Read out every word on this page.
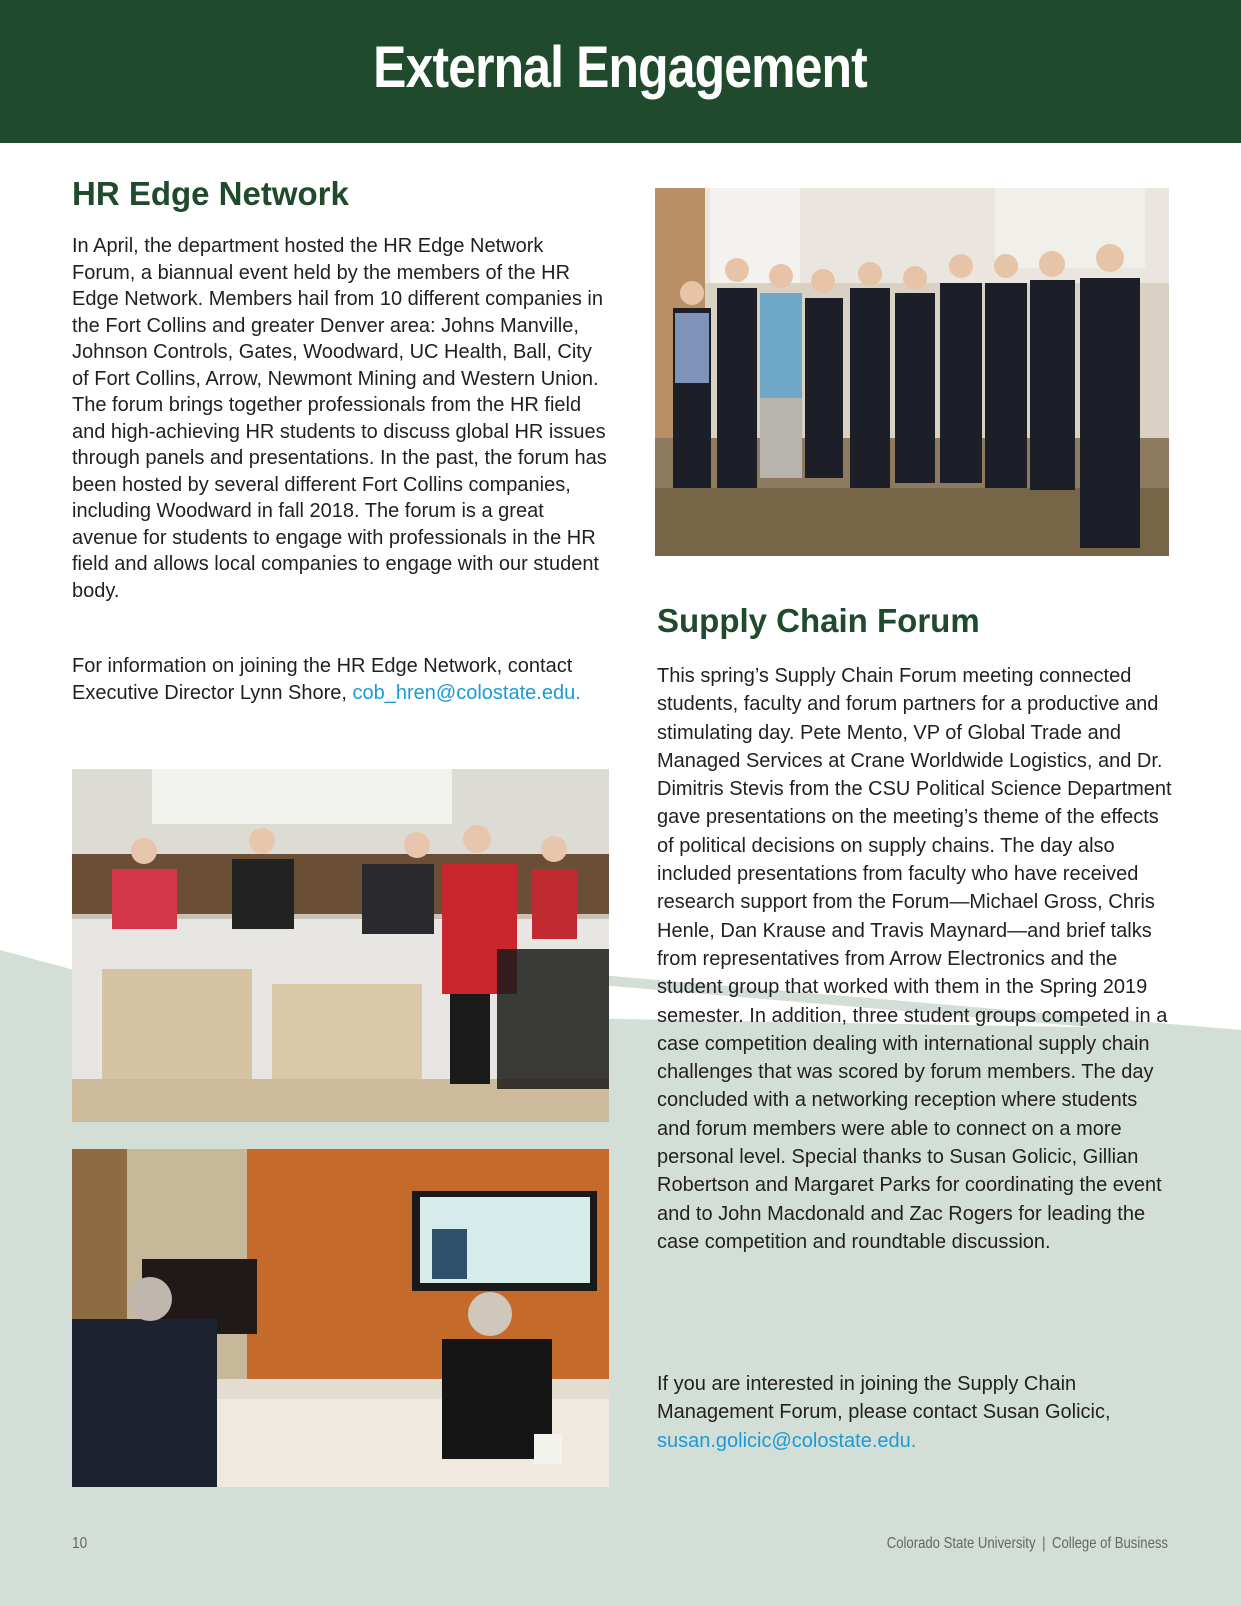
External Engagement
HR Edge Network

In April, the department hosted the HR Edge Network Forum, a biannual event held by the members of the HR Edge Network. Members hail from 10 different companies in the Fort Collins and greater Denver area: Johns Manville, Johnson Controls, Gates, Woodward, UC Health, Ball, City of Fort Collins, Arrow, Newmont Mining and Western Union. The forum brings together professionals from the HR field and high-achieving HR students to discuss global HR issues through panels and presentations. In the past, the forum has been hosted by several different Fort Collins companies, including Woodward in fall 2018. The forum is a great avenue for students to engage with professionals in the HR field and allows local companies to engage with our student body.

For information on joining the HR Edge Network, contact Executive Director Lynn Shore, cob_hren@colostate.edu.

Supply Chain Forum

This spring’s Supply Chain Forum meeting connected students, faculty and forum partners for a productive and stimulating day. Pete Mento, VP of Global Trade and Managed Services at Crane Worldwide Logistics, and Dr. Dimitris Stevis from the CSU Political Science Department gave presentations on the meeting’s theme of the effects of political decisions on supply chains. The day also included presentations from faculty who have received research support from the Forum—Michael Gross, Chris Henle, Dan Krause and Travis Maynard—and brief talks from representatives from Arrow Electronics and the student group that worked with them in the Spring 2019 semester. In addition, three student groups competed in a case competition dealing with international supply chain challenges that was scored by forum members. The day concluded with a networking reception where students and forum members were able to connect on a more personal level. Special thanks to Susan Golicic, Gillian Robertson and Margaret Parks for coordinating the event and to John Macdonald and Zac Rogers for leading the case competition and roundtable discussion.

If you are interested in joining the Supply Chain Management Forum, please contact Susan Golicic, susan.golicic@colostate.edu.

10	Colorado State University | College of Business
